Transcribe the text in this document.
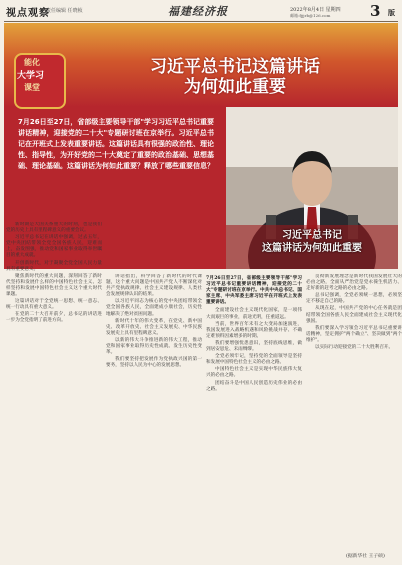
视点观察
责任编辑 任晓桢	福建经济报	2022年8月4日 星期四
邮箱:fjjjrb@126.com	3 版
能化
大学习
课堂
习近平总书记这篇讲话
为何如此重要
7月26日至27日，省部级主要领导干部"学习习近平总书记重要讲话精神，迎接党的二十大"专题研讨班在京举行。习近平总书记在开班式上发表重要讲话。这篇讲话具有很强的政治性、理论性、指导性，为开好党的二十大奠定了重要的政治基础、思想基础、理论基础。这篇讲话为何如此重要？释放了哪些重要信息？
习近平总书记
这篇讲话为何如此重要

新时期是大国关系重大的时刻，也是我们党的历史上具有里程碑意义的重要会议。

习近平总书记在讲话中强调，过去五年，党中央团结带领全党全国各族人民，迎难而上，奋发图强，推动党和国家事业取得举世瞩目的重大成就。

开创新时代，对于凝聚全党全国人民力量具有重要意义。

聚焦新时代的重大问题，深刻回答了新时代坚持和发展什么样的中国特色社会主义、怎样坚持和发展中国特色社会主义这个重大时代课题。

这篇讲话对于全党统一思想、统一意志、统一行动具有重大意义。

在党的二十大召开前夕，总书记的讲话进一步为全党指明了前进方向。

讲话指出，科学回答了新时代的时代课题，这个重大问题是中国共产党人不断深化对共产党执政规律、社会主义建设规律、人类社会发展规律认识的结果。

以习近平同志为核心的党中央团结带领全党全国各族人民，全面建成小康社会，历史性地解决了绝对贫困问题。

新时代十年的伟大变革，在党史、新中国史、改革开放史、社会主义发展史、中华民族发展史上具有里程碑意义。

以新的伟大斗争推进新的伟大工程，推动党和国家事业取得历史性成就、发生历史性变革。

我们要坚持把发展作为党执政兴国的第一要务，坚持以人民为中心的发展思想。

7月26日至27日，省部级主要领导干部"学习习近平总书记重要讲话精神，迎接党的二十大"专题研讨班在京举行。中共中央总书记、国家主席、中央军委主席习近平在开班式上发表重要讲话。

全面建设社会主义现代化国家，是一项伟大而艰巨的事业，前途光明，任重道远。

当前，世界百年未有之大变局加速演进，我国发展进入战略机遇和风险挑战并存、不确定难预料因素增多的时期。

我们要增强忧患意识，坚持底线思维，做到居安思危、未雨绸缪。

全党必须牢记，坚持党的全面领导是坚持和发展中国特色社会主义的必由之路。

中国特色社会主义是实现中华民族伟大复兴的必由之路。

团结奋斗是中国人民创造历史伟业的必由之路。

贯彻新发展理念是新时代我国发展壮大的必由之路，全面从严治党是党永葆生机活力、走好新的赶考之路的必由之路。

总书记强调，全党必须统一思想，必须坚定不移走自己的路。

从现在起，中国共产党的中心任务就是团结带领全国各族人民全面建成社会主义现代化强国。

我们要深入学习领会习近平总书记重要讲话精神，坚定拥护"两个确立"、坚决做到"两个维护"。

以实际行动迎接党的二十大胜利召开。

(据新华社 王子硕)
